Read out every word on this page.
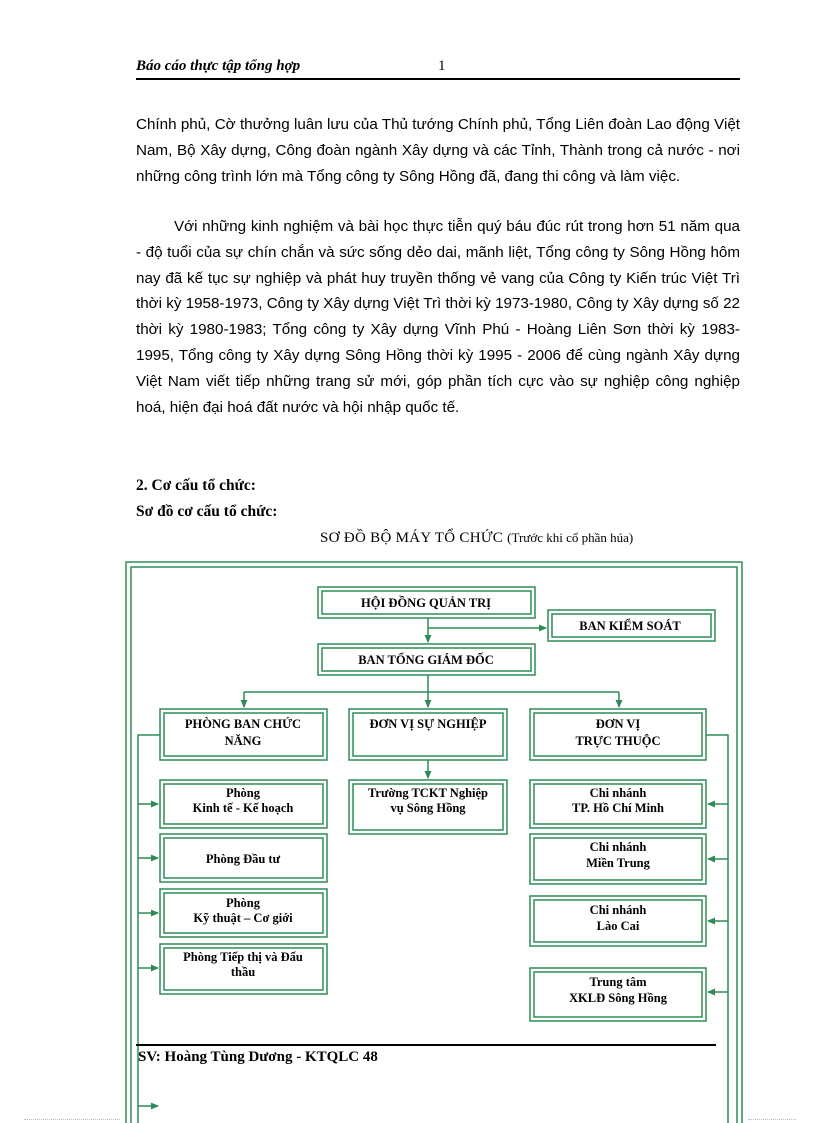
Báo cáo thực tập tổng hợp	1
Chính phủ, Cờ thưởng luân lưu của Thủ tướng Chính phủ, Tổng Liên đoàn Lao động Việt Nam, Bộ Xây dựng, Công đoàn ngành Xây dựng và các Tỉnh, Thành trong cả nước - nơi những công trình lớn mà Tổng công ty Sông Hồng đã, đang thi công và làm việc.
Với những kinh nghiệm và bài học thực tiễn quý báu đúc rút trong hơn 51 năm qua - độ tuổi của sự chín chắn và sức sống dẻo dai, mãnh liệt, Tổng công ty Sông Hồng hôm nay đã kế tục sự nghiệp và phát huy truyền thống vẻ vang của Công ty Kiến trúc Việt Trì thời kỳ 1958-1973, Công ty Xây dựng Việt Trì thời kỳ 1973-1980, Công ty Xây dựng số 22 thời kỳ 1980-1983; Tổng công ty Xây dựng Vĩnh Phú - Hoàng Liên Sơn thời kỳ 1983-1995, Tổng công ty Xây dựng Sông Hồng thời kỳ 1995 - 2006 để cùng ngành Xây dựng Việt Nam viết tiếp những trang sử mới, góp phần tích cực vào sự nghiệp công nghiệp hoá, hiện đại hoá đất nước và hội nhập quốc tế.
2. Cơ cấu tổ chức:
Sơ đồ cơ cấu tổ chức:
SƠ ĐỒ BỘ MÁY TỔ CHỨC (Trước khi cổ phần húa)
HỘI ĐỒNG QUẢN TRỊ
BAN KIỂM SOÁT
BAN TỔNG GIÁM ĐỐC
PHÒNG BAN CHỨC
NĂNG
ĐƠN VỊ SỰ NGHIỆP	ĐƠN VỊ
TRỰC THUỘC
Phòng
Kinh tế - Kế hoạch
Phòng Đầu tư
Phòng
Kỹ thuật – Cơ giới
Phòng Tiếp thị và Đấu
thầu
Trường TCKT Nghiệp
vụ Sông Hồng
Chi nhánh
TP. Hồ Chí Minh
Chi nhánh
Miền Trung
Chi nhánh
Lào Cai
Trung tâm
XKLĐ Sông Hồng
SV: Hoàng Tùng Dương - KTQLC 48
